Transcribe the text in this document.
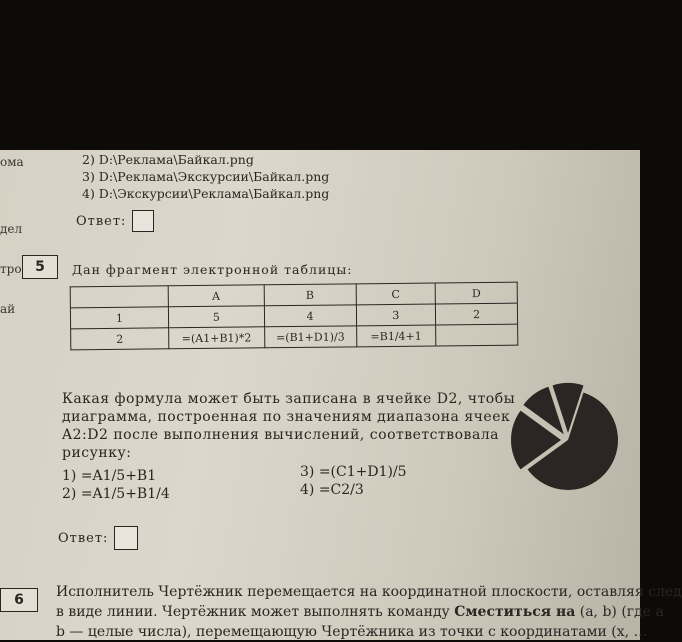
ома
дел
тро
ай
2) D:\Реклама\Байкал.png
3) D:\Реклама\Экскурсии\Байкал.png
4) D:\Экскурсии\Реклама\Байкал.png
Ответ:
5	Дан фрагмент электронной таблицы:
	A	B	C	D
1	5	4	3	2
2	=(A1+B1)*2	=(B1+D1)/3	=B1/4+1	
Какая формула может быть записана в ячейке D2, чтобы
диаграмма, построенная по значениям диапазона ячеек
A2:D2 после выполнения вычислений, соответствовала
рисунку:
1) =A1/5+B1
2) =A1/5+B1/4
3) =(C1+D1)/5
4) =C2/3
Ответ:
6	Исполнитель Чертёжник перемещается на координатной плоскости, оставляя след
в виде линии. Чертёжник может выполнять команду Сместиться на (a, b) (где a
b — целые числа), перемещающую Чертёжника из точки с координатами (x, …
